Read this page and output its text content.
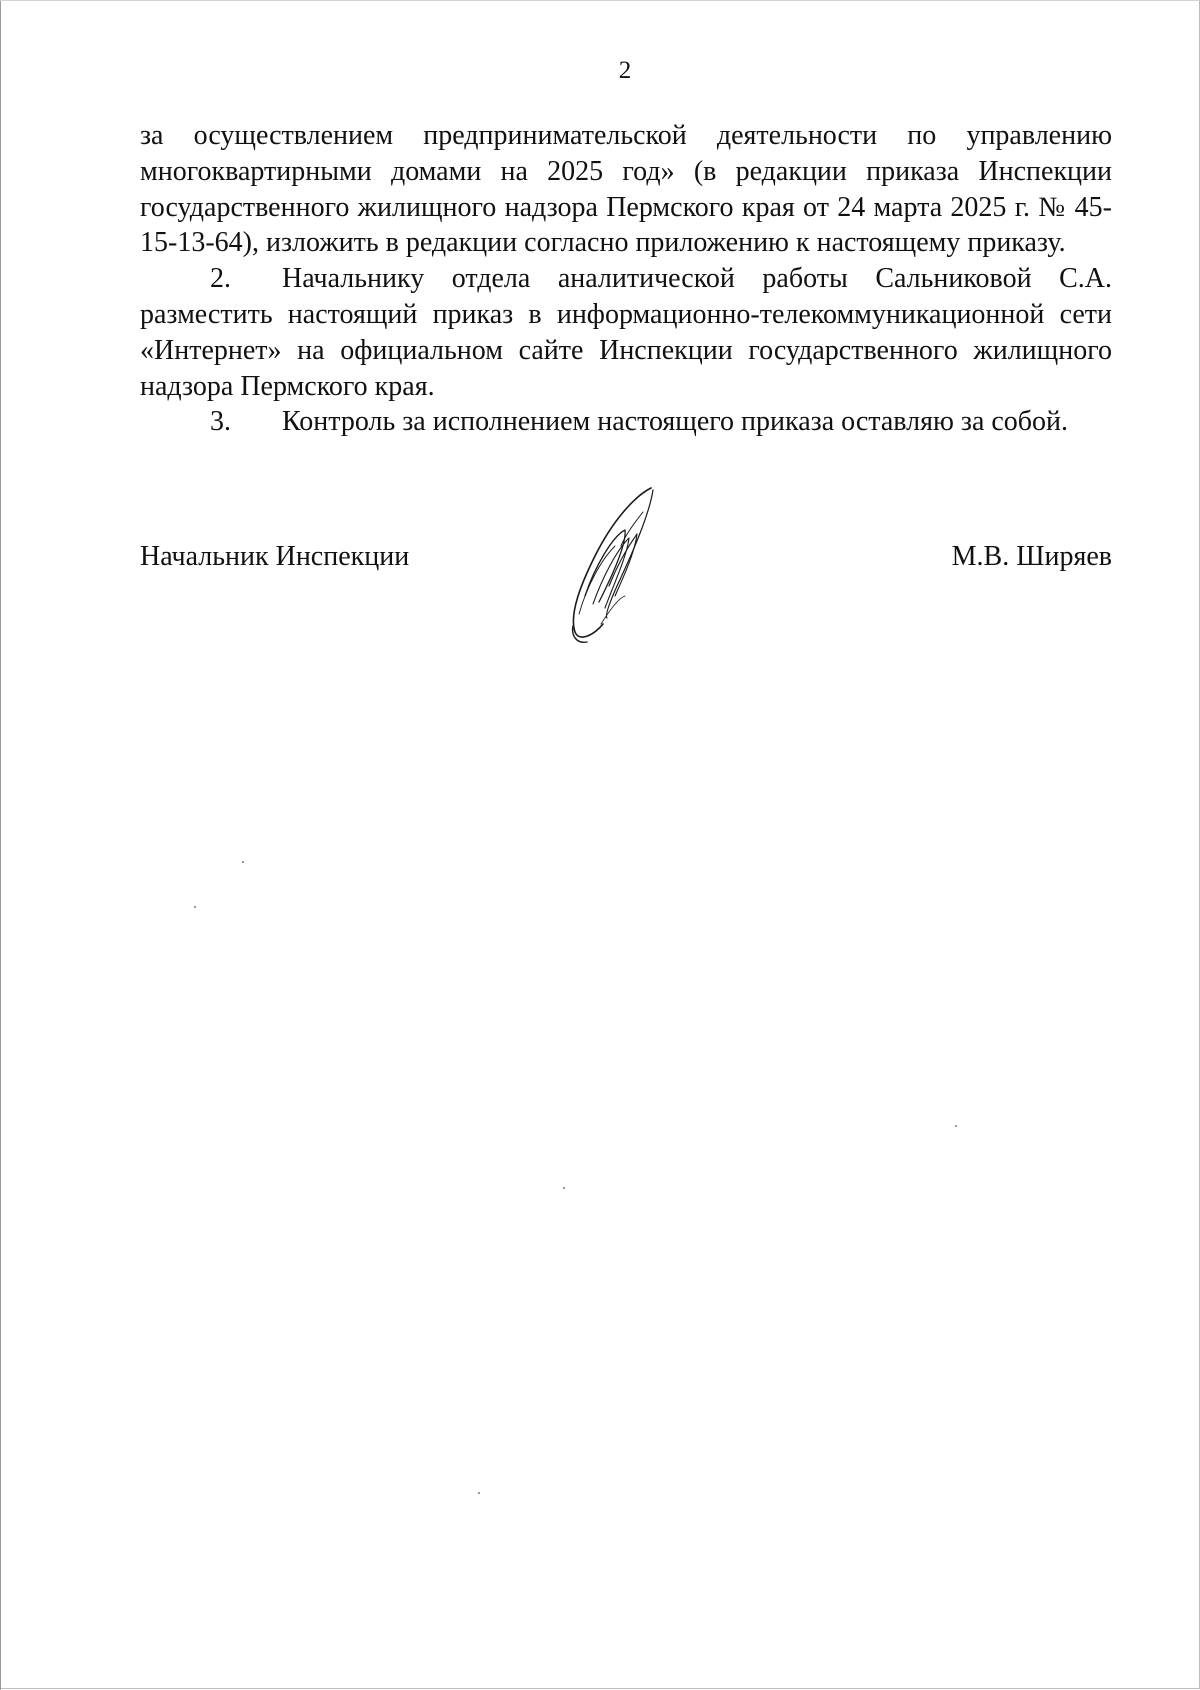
2

за осуществлением предпринимательской деятельности по управлению многоквартирными домами на 2025 год» (в редакции приказа Инспекции государственного жилищного надзора Пермского края от 24 марта 2025 г. № 45-15-13-64), изложить в редакции согласно приложению к настоящему приказу.

2. Начальнику отдела аналитической работы Сальниковой С.А. разместить настоящий приказ в информационно-телекоммуникационной сети «Интернет» на официальном сайте Инспекции государственного жилищного надзора Пермского края.

3. Контроль за исполнением настоящего приказа оставляю за собой.

Начальник Инспекции	М.В. Ширяев
